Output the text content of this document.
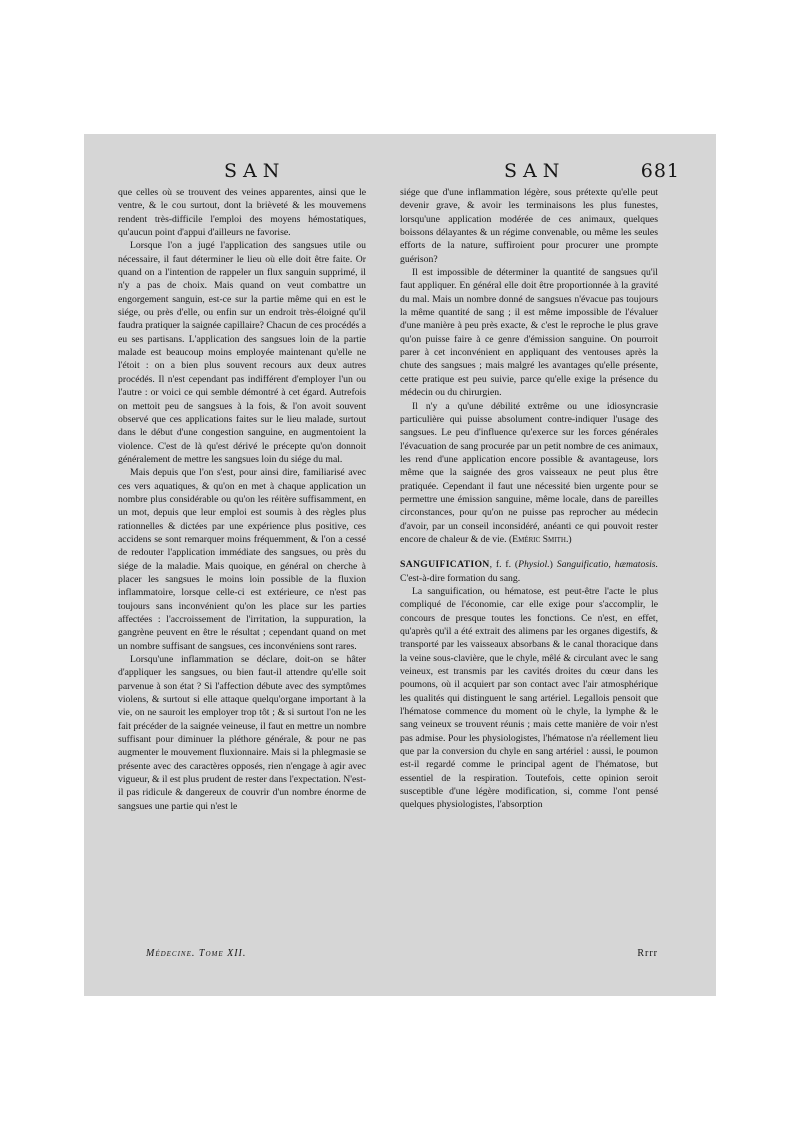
SAN	SAN	681

que celles où se trouvent des veines apparentes, ainsi que le ventre, & le cou surtout, dont la brièveté & les mouvemens rendent très-difficile l'emploi des moyens hémostatiques, qu'aucun point d'appui d'ailleurs ne favorise.

Lorsque l'on a jugé l'application des sangsues utile ou nécessaire, il faut déterminer le lieu où elle doit être faite. Or quand on a l'intention de rappeler un flux sanguin supprimé, il n'y a pas de choix. Mais quand on veut combattre un engorgement sanguin, est-ce sur la partie même qui en est le siége, ou près d'elle, ou enfin sur un endroit très-éloigné qu'il faudra pratiquer la saignée capillaire? Chacun de ces procédés a eu ses partisans. L'application des sangsues loin de la partie malade est beaucoup moins employée maintenant qu'elle ne l'étoit : on a bien plus souvent recours aux deux autres procédés. Il n'est cependant pas indifférent d'employer l'un ou l'autre : or voici ce qui semble démontré à cet égard. Autrefois on mettoit peu de sangsues à la fois, & l'on avoit souvent observé que ces applications faites sur le lieu malade, surtout dans le début d'une congestion sanguine, en augmentoient la violence. C'est de là qu'est dérivé le précepte qu'on donnoit généralement de mettre les sangsues loin du siége du mal.

Mais depuis que l'on s'est, pour ainsi dire, familiarisé avec ces vers aquatiques, & qu'on en met à chaque application un nombre plus considérable ou qu'on les réitère suffisamment, en un mot, depuis que leur emploi est soumis à des règles plus rationnelles & dictées par une expérience plus positive, ces accidens se sont remarquer moins fréquemment, & l'on a cessé de redouter l'application immédiate des sangsues, ou près du siége de la maladie. Mais quoique, en général on cherche à placer les sangsues le moins loin possible de la fluxion inflammatoire, lorsque celle-ci est extérieure, ce n'est pas toujours sans inconvénient qu'on les place sur les parties affectées : l'accroissement de l'irritation, la suppuration, la gangrène peuvent en être le résultat ; cependant quand on met un nombre suffisant de sangsues, ces inconvéniens sont rares.

Lorsqu'une inflammation se déclare, doit-on se hâter d'appliquer les sangsues, ou bien faut-il attendre qu'elle soit parvenue à son état ? Si l'affection débute avec des symptômes violens, & surtout si elle attaque quelqu'organe important à la vie, on ne sauroit les employer trop tôt ; & si surtout l'on ne les fait précéder de la saignée veineuse, il faut en mettre un nombre suffisant pour diminuer la pléthore générale, & pour ne pas augmenter le mouvement fluxionnaire. Mais si la phlegmasie se présente avec des caractères opposés, rien n'engage à agir avec vigueur, & il est plus prudent de rester dans l'expectation. N'est-il pas ridicule & dangereux de couvrir d'un nombre énorme de sangsues une partie qui n'est le

siége que d'une inflammation légère, sous prétexte qu'elle peut devenir grave, & avoir les terminaisons les plus funestes, lorsqu'une application modérée de ces animaux, quelques boissons délayantes & un régime convenable, ou même les seules efforts de la nature, suffiroient pour procurer une prompte guérison?

Il est impossible de déterminer la quantité de sangsues qu'il faut appliquer. En général elle doit être proportionnée à la gravité du mal. Mais un nombre donné de sangsues n'évacue pas toujours la même quantité de sang ; il est même impossible de l'évaluer d'une manière à peu près exacte, & c'est le reproche le plus grave qu'on puisse faire à ce genre d'émission sanguine. On pourroit parer à cet inconvénient en appliquant des ventouses après la chute des sangsues ; mais malgré les avantages qu'elle présente, cette pratique est peu suivie, parce qu'elle exige la présence du médecin ou du chirurgien.

Il n'y a qu'une débilité extrême ou une idiosyncrasie particulière qui puisse absolument contre-indiquer l'usage des sangsues. Le peu d'influence qu'exerce sur les forces générales l'évacuation de sang procurée par un petit nombre de ces animaux, les rend d'une application encore possible & avantageuse, lors même que la saignée des gros vaisseaux ne peut plus être pratiquée. Cependant il faut une nécessité bien urgente pour se permettre une émission sanguine, même locale, dans de pareilles circonstances, pour qu'on ne puisse pas reprocher au médecin d'avoir, par un conseil inconsidéré, anéanti ce qui pouvoit rester encore de chaleur & de vie. (Eméric Smith.)

SANGUIFICATION, f. f. (Physiol.) Sanguificatio, hæmatosis. C'est-à-dire formation du sang.

La sanguification, ou hématose, est peut-être l'acte le plus compliqué de l'économie, car elle exige pour s'accomplir, le concours de presque toutes les fonctions. Ce n'est, en effet, qu'après qu'il a été extrait des alimens par les organes digestifs, & transporté par les vaisseaux absorbans & le canal thoracique dans la veine sous-clavière, que le chyle, mêlé & circulant avec le sang veineux, est transmis par les cavités droites du cœur dans les poumons, où il acquiert par son contact avec l'air atmosphérique les qualités qui distinguent le sang artériel. Legallois pensoit que l'hématose commence du moment où le chyle, la lymphe & le sang veineux se trouvent réunis ; mais cette manière de voir n'est pas admise. Pour les physiologistes, l'hématose n'a réellement lieu que par la conversion du chyle en sang artériel : aussi, le poumon est-il regardé comme le principal agent de l'hématose, but essentiel de la respiration. Toutefois, cette opinion seroit susceptible d'une légère modification, si, comme l'ont pensé quelques physiologistes, l'absorption

Médecine. Tome XII.	Rrrr
